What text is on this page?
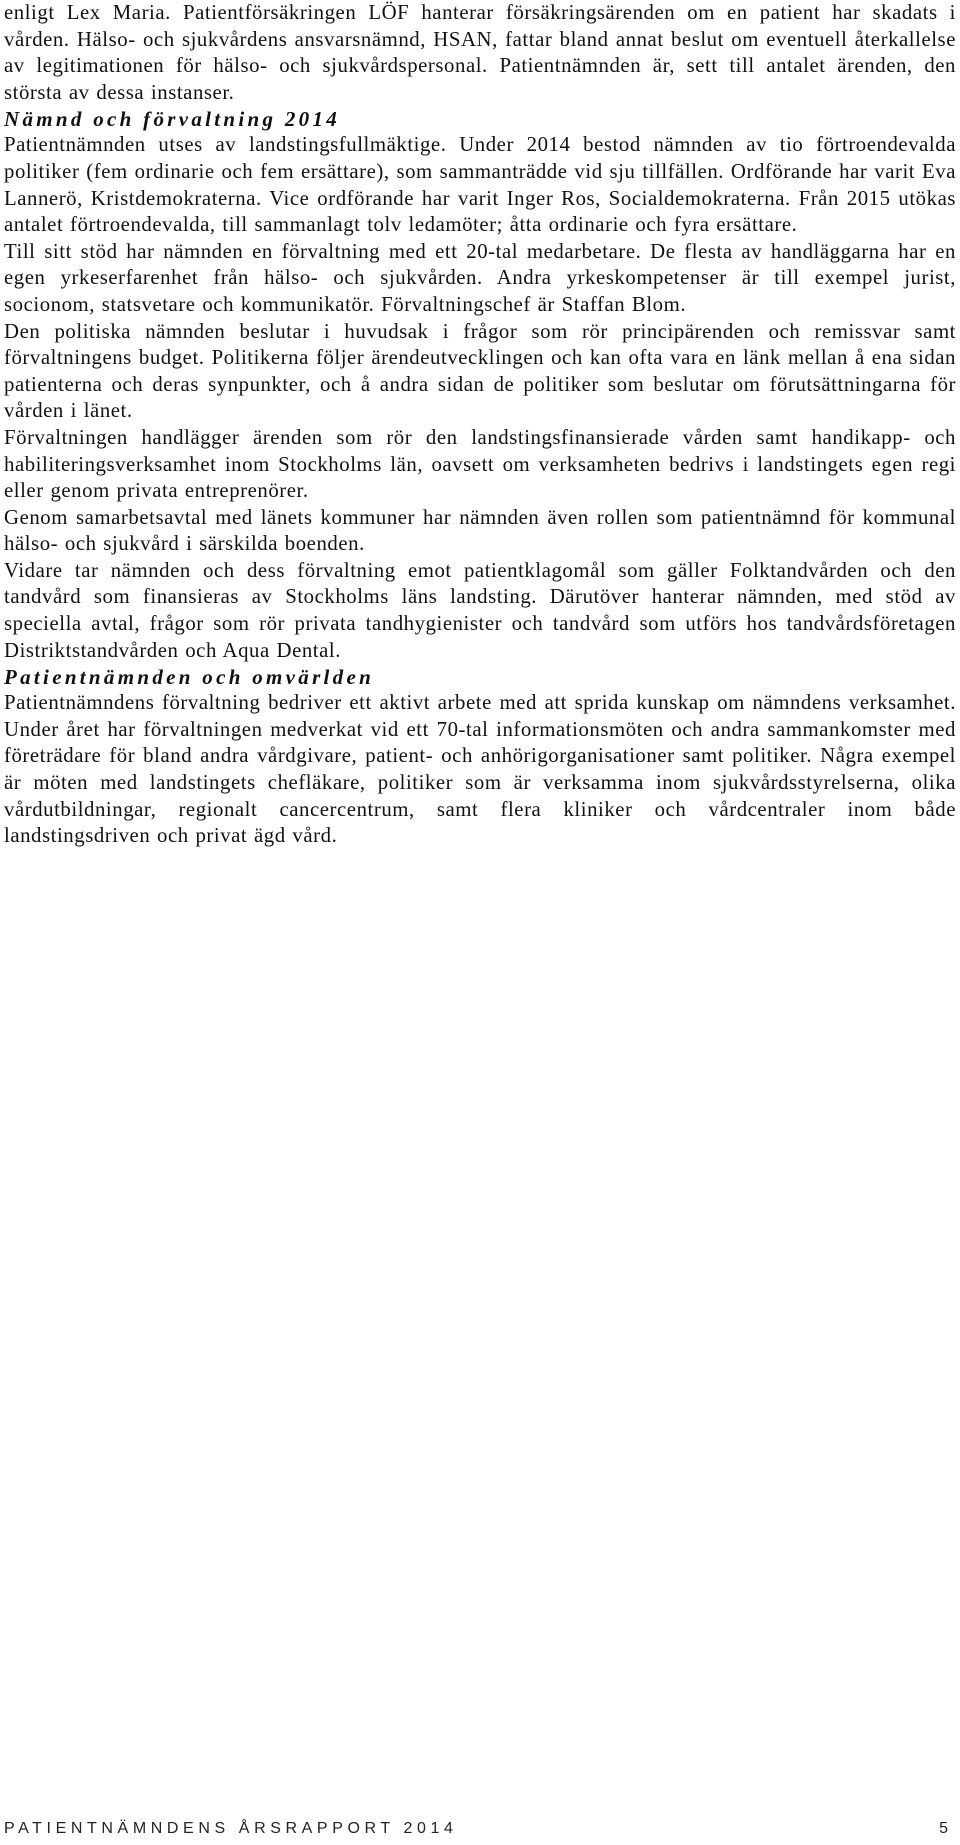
enligt Lex Maria. Patientförsäkringen LÖF hanterar försäkringsärenden om en patient har skadats i vården. Hälso- och sjukvårdens ansvarsnämnd, HSAN, fattar bland annat beslut om eventuell återkallelse av legitimationen för hälso- och sjukvårdspersonal. Patientnämnden är, sett till antalet ärenden, den största av dessa instanser.

Nämnd och förvaltning 2014

Patientnämnden utses av landstingsfullmäktige. Under 2014 bestod nämnden av tio förtroendevalda politiker (fem ordinarie och fem ersättare), som sammanträdde vid sju tillfällen. Ordförande har varit Eva Lannerö, Kristdemokraterna. Vice ordförande har varit Inger Ros, Socialdemokraterna. Från 2015 utökas antalet förtroendevalda, till sammanlagt tolv ledamöter; åtta ordinarie och fyra ersättare.

Till sitt stöd har nämnden en förvaltning med ett 20-tal medarbetare. De flesta av handläggarna har en egen yrkeserfarenhet från hälso- och sjukvården. Andra yrkeskompetenser är till exempel jurist, socionom, statsvetare och kommunikatör. Förvaltningschef är Staffan Blom.

Den politiska nämnden beslutar i huvudsak i frågor som rör principärenden och remissvar samt förvaltningens budget. Politikerna följer ärendeutvecklingen och kan ofta vara en länk mellan å ena sidan patienterna och deras synpunkter, och å andra sidan de politiker som beslutar om förutsättningarna för vården i länet.

Förvaltningen handlägger ärenden som rör den landstingsfinansierade vården samt handikapp- och habiliteringsverksamhet inom Stockholms län, oavsett om verksamheten bedrivs i landstingets egen regi eller genom privata entreprenörer.

Genom samarbetsavtal med länets kommuner har nämnden även rollen som patientnämnd för kommunal hälso- och sjukvård i särskilda boenden.

Vidare tar nämnden och dess förvaltning emot patientklagomål som gäller Folktandvården och den tandvård som finansieras av Stockholms läns landsting. Därutöver hanterar nämnden, med stöd av speciella avtal, frågor som rör privata tandhygienister och tandvård som utförs hos tandvårdsföretagen Distriktstandvården och Aqua Dental.

Patientnämnden och omvärlden

Patientnämndens förvaltning bedriver ett aktivt arbete med att sprida kunskap om nämndens verksamhet. Under året har förvaltningen medverkat vid ett 70-tal informationsmöten och andra sammankomster med företrädare för bland andra vårdgivare, patient- och anhörigorganisationer samt politiker. Några exempel är möten med landstingets chefläkare, politiker som är verksamma inom sjukvårdsstyrelserna, olika vårdutbildningar, regionalt cancercentrum, samt flera kliniker och vårdcentraler inom både landstingsdriven och privat ägd vård.

PATIENTNÄMNDENS ÅRSRAPPORT 2014	5
